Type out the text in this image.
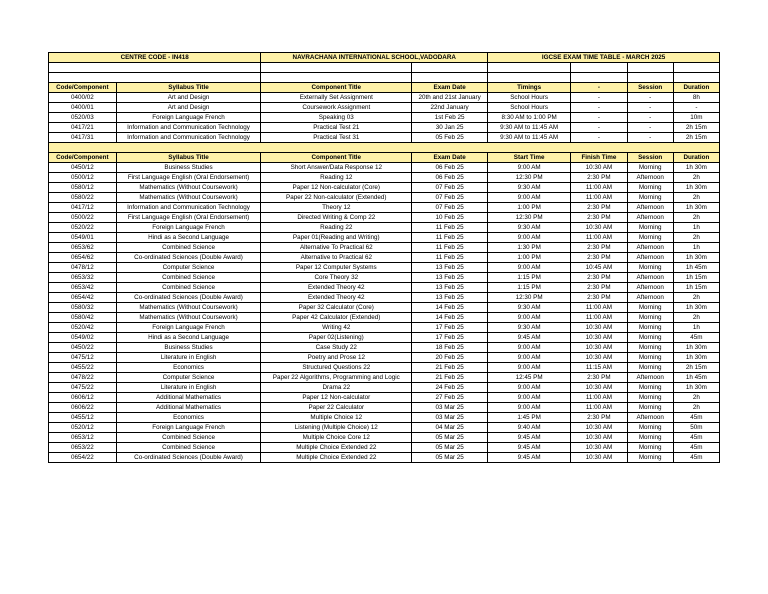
CENTRE CODE - IN418		NAVRACHANA INTERNATIONAL SCHOOL,VADODARA		IGCSE EXAM TIME TABLE - MARCH 2025			

Code/Component	Syllabus Title	Component Title	Exam Date	Timings	-	Session	Duration
0400/02	Art and Design	Externally Set Assignment	20th and 21st January	School Hours	-	-	8h
0400/01	Art and Design	Coursework Assignment	22nd January	School Hours	-	-	-
0520/03	Foreign Language French	Speaking 03	1st Feb 25	8:30 AM to 1:00 PM	-	-	10m
0417/21	Information and Communication Technology	Practical Test 21	30 Jan 25	9:30 AM to 11:45 AM	-	-	2h 15m
0417/31	Information and Communication Technology	Practical Test 31	05 Feb 25	9:30 AM to 11:45 AM	-	-	2h 15m

Code/Component	Syllabus Title	Component Title	Exam Date	Start Time	Finish Time	Session	Duration
0450/12	Business Studies	Short Answer/Data Response 12	06 Feb 25	9:00 AM	10:30 AM	Morning	1h 30m
0500/12	First Language English (Oral Endorsement)	Reading 12	06 Feb 25	12:30 PM	2:30 PM	Afternoon	2h
0580/12	Mathematics (Without Coursework)	Paper 12 Non-calculator (Core)	07 Feb 25	9:30 AM	11:00 AM	Morning	1h 30m
0580/22	Mathematics (Without Coursework)	Paper 22 Non-calculator (Extended)	07 Feb 25	9:00 AM	11:00 AM	Morning	2h
0417/12	Information and Communication Technology	Theory 12	07 Feb 25	1:00 PM	2:30 PM	Afternoon	1h 30m
0500/22	First Language English (Oral Endorsement)	Directed Writing & Comp 22	10 Feb 25	12:30 PM	2:30 PM	Afternoon	2h
0520/22	Foreign Language French	Reading 22	11 Feb 25	9:30 AM	10:30 AM	Morning	1h
0549/01	Hindi as a Second Language	Paper 01(Reading and Writing)	11 Feb 25	9:00 AM	11:00 AM	Morning	2h
0653/62	Combined Science	Alternative To Practical 62	11 Feb 25	1:30 PM	2:30 PM	Afternoon	1h
0654/62	Co-ordinated Sciences (Double Award)	Alternative to Practical 62	11 Feb 25	1:00 PM	2:30 PM	Afternoon	1h 30m
0478/12	Computer Science	Paper 12 Computer Systems	13 Feb 25	9:00 AM	10:45 AM	Morning	1h 45m
0653/32	Combined Science	Core Theory 32	13 Feb 25	1:15 PM	2:30 PM	Afternoon	1h 15m
0653/42	Combined Science	Extended Theory 42	13 Feb 25	1:15 PM	2:30 PM	Afternoon	1h 15m
0654/42	Co-ordinated Sciences (Double Award)	Extended Theory 42	13 Feb 25	12:30 PM	2:30 PM	Afternoon	2h
0580/32	Mathematics (Without Coursework)	Paper 32 Calculator (Core)	14 Feb 25	9:30 AM	11:00 AM	Morning	1h 30m
0580/42	Mathematics (Without Coursework)	Paper 42 Calculator (Extended)	14 Feb 25	9:00 AM	11:00 AM	Morning	2h
0520/42	Foreign Language French	Writing 42	17 Feb 25	9:30 AM	10:30 AM	Morning	1h
0549/02	Hindi as a Second Language	Paper 02(Listening)	17 Feb 25	9:45 AM	10:30 AM	Morning	45m
0450/22	Business Studies	Case Study 22	18 Feb 25	9:00 AM	10:30 AM	Morning	1h 30m
0475/12	Literature in English	Poetry and Prose 12	20 Feb 25	9:00 AM	10:30 AM	Morning	1h 30m
0455/22	Economics	Structured Questions 22	21 Feb 25	9:00 AM	11:15 AM	Morning	2h 15m
0478/22	Computer Science	Paper 22 Algorithms, Programming and Logic	21 Feb 25	12:45 PM	2:30 PM	Afternoon	1h 45m
0475/22	Literature in English	Drama 22	24 Feb 25	9:00 AM	10:30 AM	Morning	1h 30m
0606/12	Additional Mathematics	Paper 12 Non-calculator	27 Feb 25	9:00 AM	11:00 AM	Morning	2h
0606/22	Additional Mathematics	Paper 22 Calculator	03 Mar 25	9:00 AM	11:00 AM	Morning	2h
0455/12	Economics	Multiple Choice 12	03 Mar 25	1:45 PM	2:30 PM	Afternoon	45m
0520/12	Foreign Language French	Listening (Multiple Choice) 12	04 Mar 25	9:40 AM	10:30 AM	Morning	50m
0653/12	Combined Science	Multiple Choice Core 12	05 Mar 25	9:45 AM	10:30 AM	Morning	45m
0653/22	Combined Science	Multiple Choice Extended 22	05 Mar 25	9:45 AM	10:30 AM	Morning	45m
0654/22	Co-ordinated Sciences (Double Award)	Multiple Choice Extended 22	05 Mar 25	9:45 AM	10:30 AM	Morning	45m
